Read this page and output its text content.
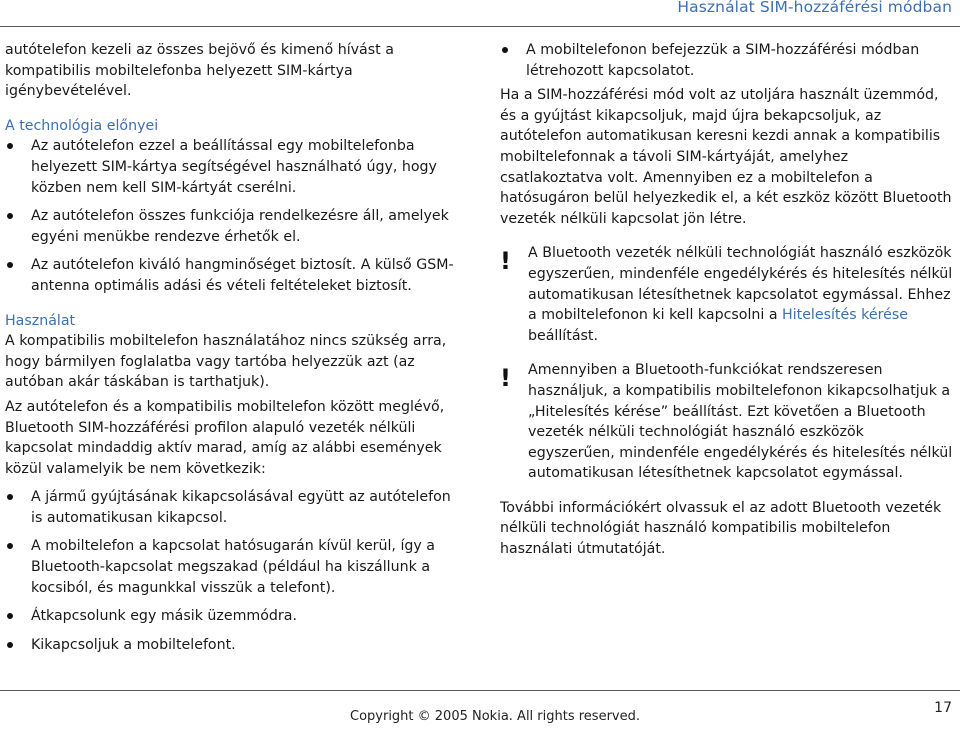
Használat SIM-hozzáférési módban

autótelefon kezeli az összes bejövő és kimenő hívást a kompatibilis mobiltelefonba helyezett SIM-kártya igénybevételével.

A technológia előnyei

Az autótelefon ezzel a beállítással egy mobiltelefonba helyezett SIM-kártya segítségével használható úgy, hogy közben nem kell SIM-kártyát cserélni.

Az autótelefon összes funkciója rendelkezésre áll, amelyek egyéni menükbe rendezve érhetők el.

Az autótelefon kiváló hangminőséget biztosít. A külső GSM-antenna optimális adási és vételi feltételeket biztosít.

Használat

A kompatibilis mobiltelefon használatához nincs szükség arra, hogy bármilyen foglalatba vagy tartóba helyezzük azt (az autóban akár táskában is tarthatjuk).

Az autótelefon és a kompatibilis mobiltelefon között meglévő, Bluetooth SIM-hozzáférési profilon alapuló vezeték nélküli kapcsolat mindaddig aktív marad, amíg az alábbi események közül valamelyik be nem következik:

A jármű gyújtásának kikapcsolásával együtt az autótelefon is automatikusan kikapcsol.

A mobiltelefon a kapcsolat hatósugarán kívül kerül, így a Bluetooth-kapcsolat megszakad (például ha kiszállunk a kocsiból, és magunkkal visszük a telefont).

Átkapcsolunk egy másik üzemmódra.

Kikapcsoljuk a mobiltelefont.

A mobiltelefonon befejezzük a SIM-hozzáférési módban létrehozott kapcsolatot.

Ha a SIM-hozzáférési mód volt az utoljára használt üzemmód, és a gyújtást kikapcsoljuk, majd újra bekapcsoljuk, az autótelefon automatikusan keresni kezdi annak a kompatibilis mobiltelefonnak a távoli SIM-kártyáját, amelyhez csatlakoztatva volt. Amennyiben ez a mobiltelefon a hatósugáron belül helyezkedik el, a két eszköz között Bluetooth vezeték nélküli kapcsolat jön létre.

! A Bluetooth vezeték nélküli technológiát használó eszközök egyszerűen, mindenféle engedélykérés és hitelesítés nélkül automatikusan létesíthetnek kapcsolatot egymással. Ehhez a mobiltelefonon ki kell kapcsolni a Hitelesítés kérése beállítást.

! Amennyiben a Bluetooth-funkciókat rendszeresen használjuk, a kompatibilis mobiltelefonon kikapcsolhatjuk a „Hitelesítés kérése” beállítást. Ezt követően a Bluetooth vezeték nélküli technológiát használó eszközök egyszerűen, mindenféle engedélykérés és hitelesítés nélkül automatikusan létesíthetnek kapcsolatot egymással.

További információkért olvassuk el az adott Bluetooth vezeték nélküli technológiát használó kompatibilis mobiltelefon használati útmutatóját.

Copyright © 2005 Nokia. All rights reserved.
17
